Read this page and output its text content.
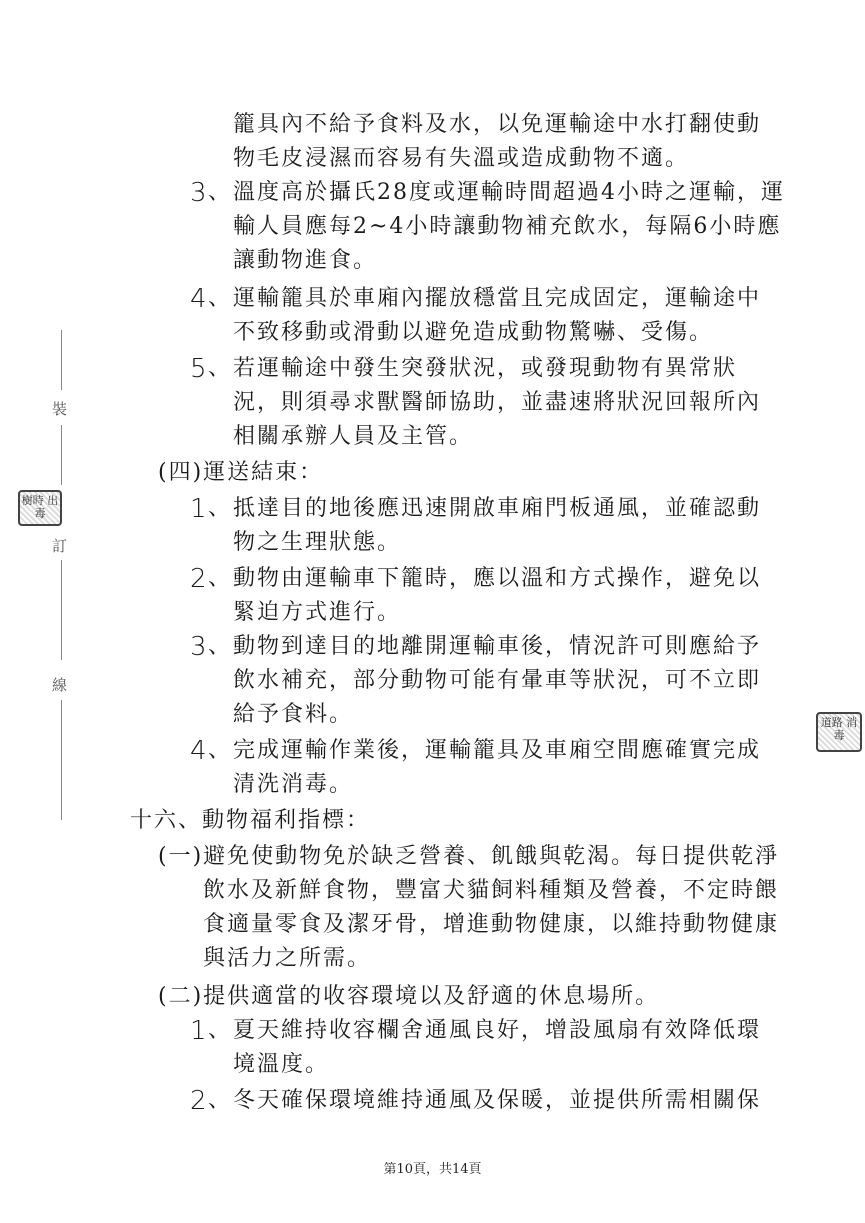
裝
訂
線
樹時 出 毒
道路 消毒
籠具內不給予食料及水，以免運輸途中水打翻使動
物毛皮浸濕而容易有失溫或造成動物不適。
3 、 溫度高於攝氏28度或運輸時間超過4小時之運輸，運
輸人員應每2~4小時讓動物補充飲水，每隔6小時應
讓動物進食。
4 、 運輸籠具於車廂內擺放穩當且完成固定，運輸途中
不致移動或滑動以避免造成動物驚嚇、受傷。
5 、 若運輸途中發生突發狀況，或發現動物有異常狀
況，則須尋求獸醫師協助，並盡速將狀況回報所內
相關承辦人員及主管。
(四)運送結束：
1 、 抵達目的地後應迅速開啟車廂門板通風，並確認動
物之生理狀態。
2 、 動物由運輸車下籠時，應以溫和方式操作，避免以
緊迫方式進行。
3 、 動物到達目的地離開運輸車後，情況許可則應給予
飲水補充，部分動物可能有暈車等狀況，可不立即
給予食料。
4 、 完成運輸作業後，運輸籠具及車廂空間應確實完成
清洗消毒。
十六、動物福利指標：
(一)避免使動物免於缺乏營養、飢餓與乾渴。每日提供乾淨
飲水及新鮮食物，豐富犬貓飼料種類及營養，不定時餵
食適量零食及潔牙骨，增進動物健康，以維持動物健康
與活力之所需。
(二)提供適當的收容環境以及舒適的休息場所。
1 、 夏天維持收容欄舍通風良好，增設風扇有效降低環
境溫度。
2 、 冬天確保環境維持通風及保暖，並提供所需相關保
第10頁，共14頁
